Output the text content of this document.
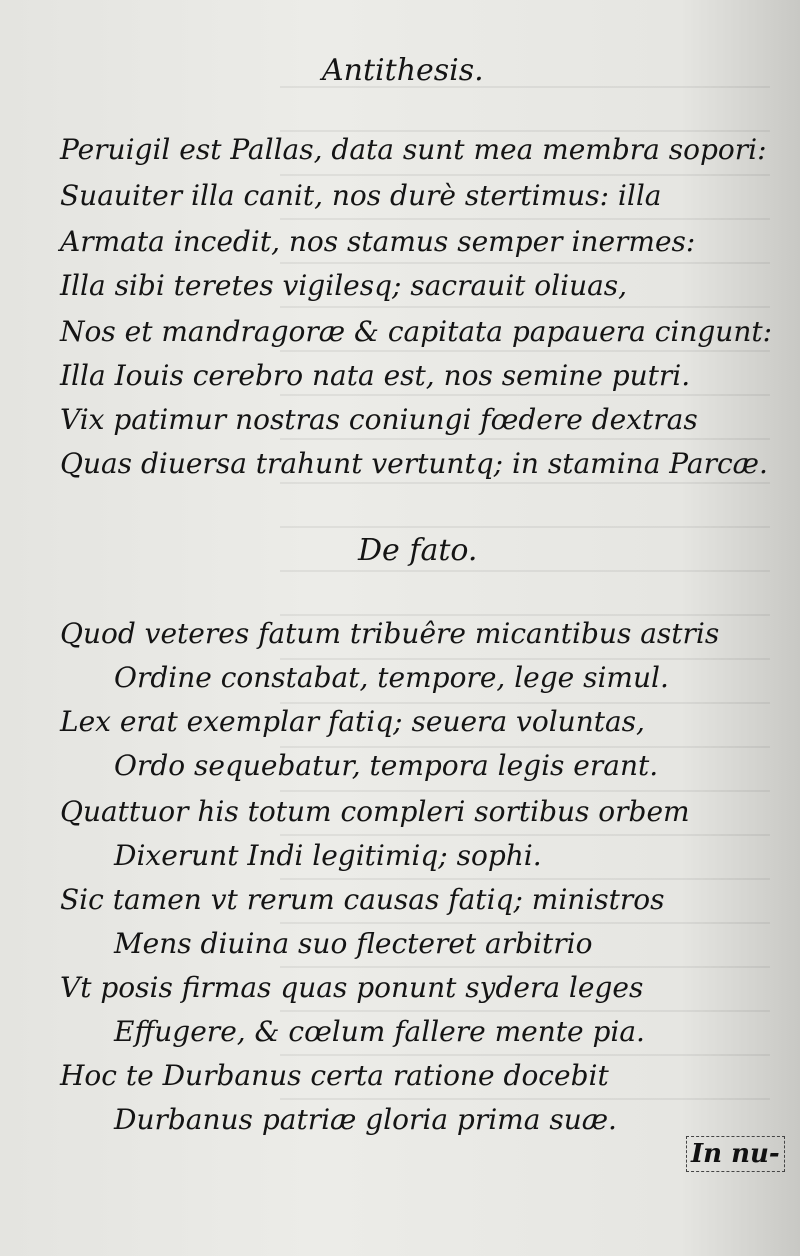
Antithesis.
Peruigil est Pallas, data sunt mea membra sopori:
Suauiter illa canit, nos durè stertimus: illa
Armata incedit, nos stamus semper inermes:
Illa sibi teretes vigilesq; sacrauit oliuas,
Nos et mandragoræ & capitata papauera cingunt:
Illa Iouis cerebro nata est, nos semine putri.
Vix patimur nostras coniungi fœdere dextras
Quas diuersa trahunt vertuntq; in stamina Parcæ.
De fato.
Quod veteres fatum tribuêre micantibus astris
Ordine constabat, tempore, lege simul.
Lex erat exemplar fatiq; seuera voluntas,
Ordo sequebatur, tempora legis erant.
Quattuor his totum compleri sortibus orbem
Dixerunt Indi legitimiq; sophi.
Sic tamen vt rerum causas fatiq; ministros
Mens diuina suo flecteret arbitrio
Vt posis firmas quas ponunt sydera leges
Effugere, & cœlum fallere mente pia.
Hoc te Durbanus certa ratione docebit
Durbanus patriæ gloria prima suæ.
In nu-
